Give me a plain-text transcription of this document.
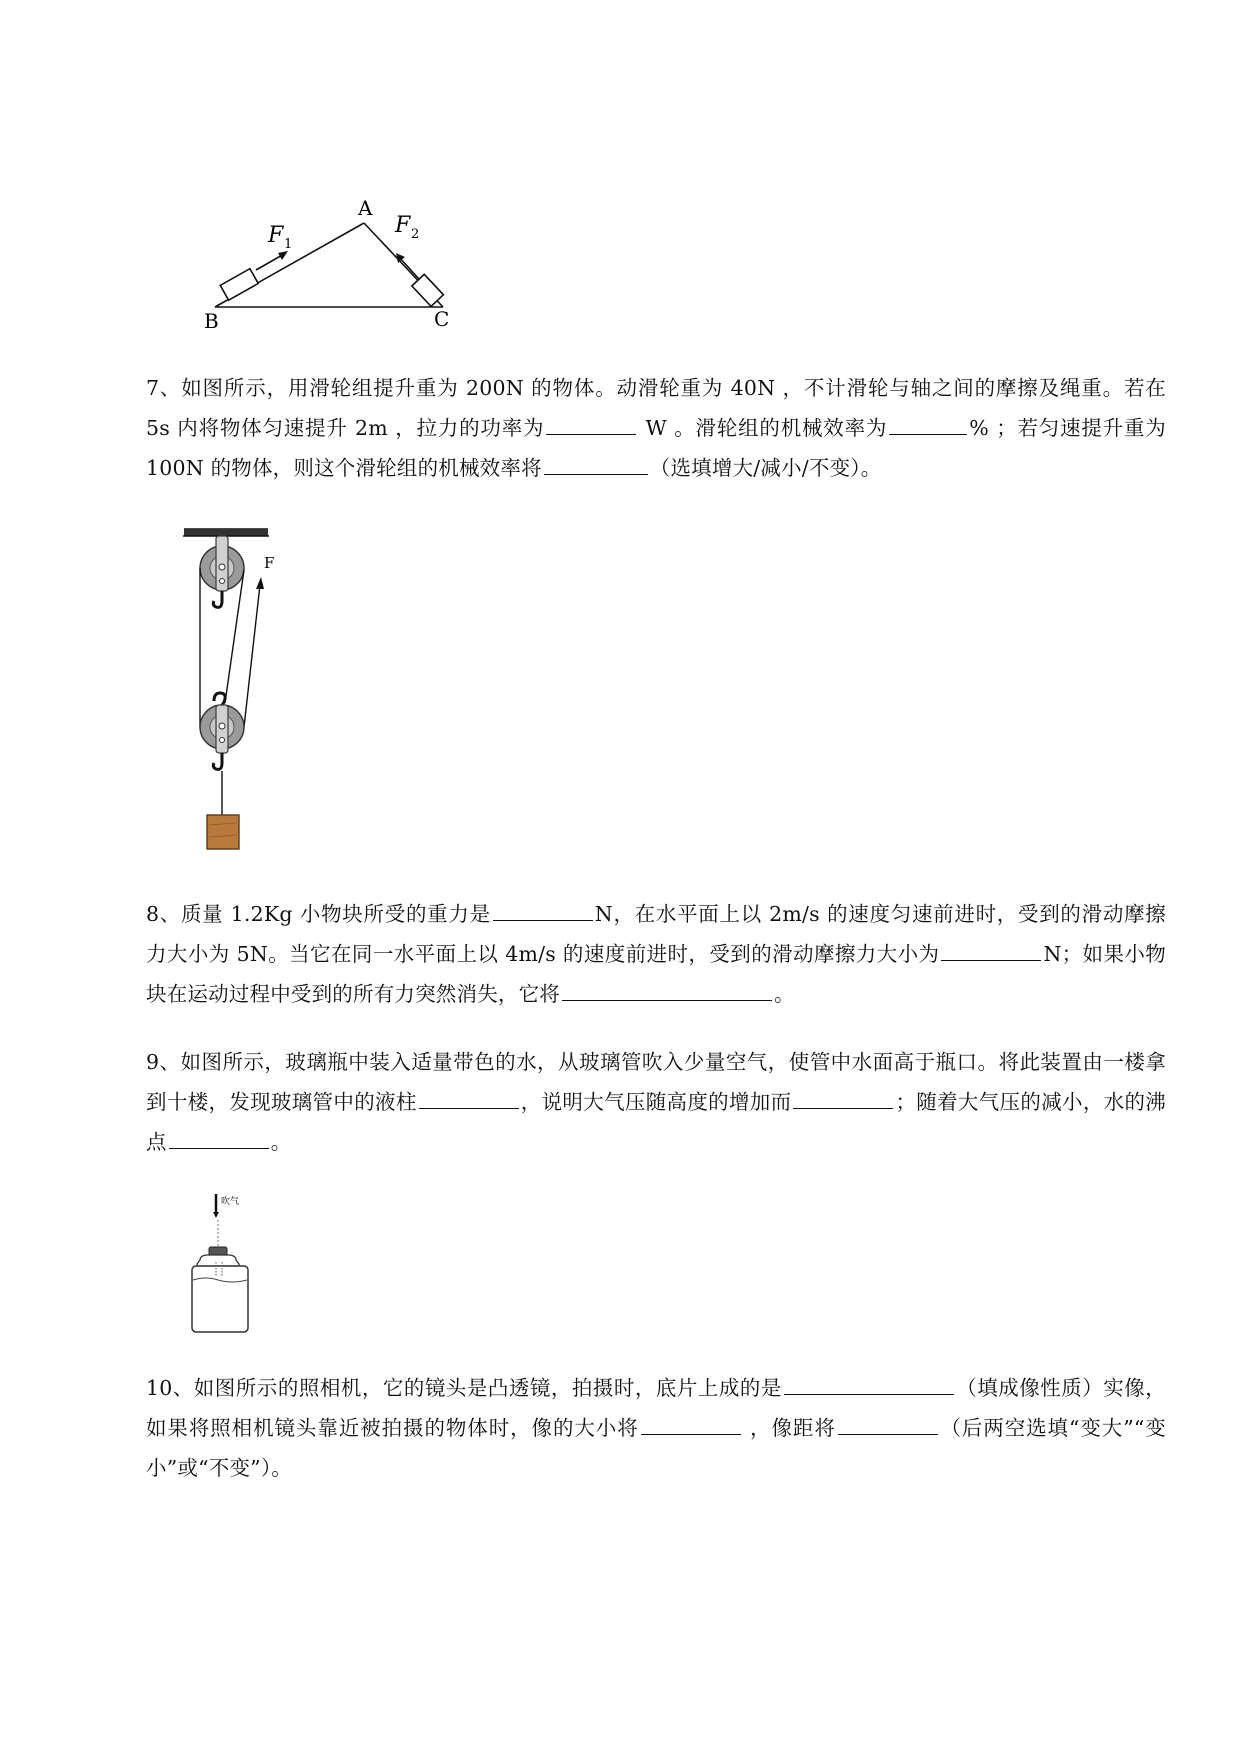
A
B	C
F 1
F 2
7、如图所示，用滑轮组提升重为 200N 的物体。动滑轮重为 40N ，不计滑轮与轴之间的摩擦及绳重。若在 5s 内将物体匀速提升 2m ，拉力的功率为	W 。滑轮组的机械效率为	% ；若匀速提升重为 100N 的物体，则这个滑轮组的机械效率将	（选填增大/减小/不变）。
F
8、质量 1.2Kg 小物块所受的重力是	N，在水平面上以 2m/s 的速度匀速前进时，受到的滑动摩擦力大小为 5N。当它在同一水平面上以 4m/s 的速度前进时，受到的滑动摩擦力大小为	N；如果小物块在运动过程中受到的所有力突然消失，它将	。
9、如图所示，玻璃瓶中装入适量带色的水，从玻璃管吹入少量空气，使管中水面高于瓶口。将此装置由一楼拿到十楼，发现玻璃管中的液柱	，说明大气压随高度的增加而	；随着大气压的减小，水的沸点	。
吹气
10、如图所示的照相机，它的镜头是凸透镜，拍摄时，底片上成的是	（填成像性质）实像，如果将照相机镜头靠近被拍摄的物体时，像的大小将	，像距将	（后两空选填“变大”“变小”或“不变”）。
